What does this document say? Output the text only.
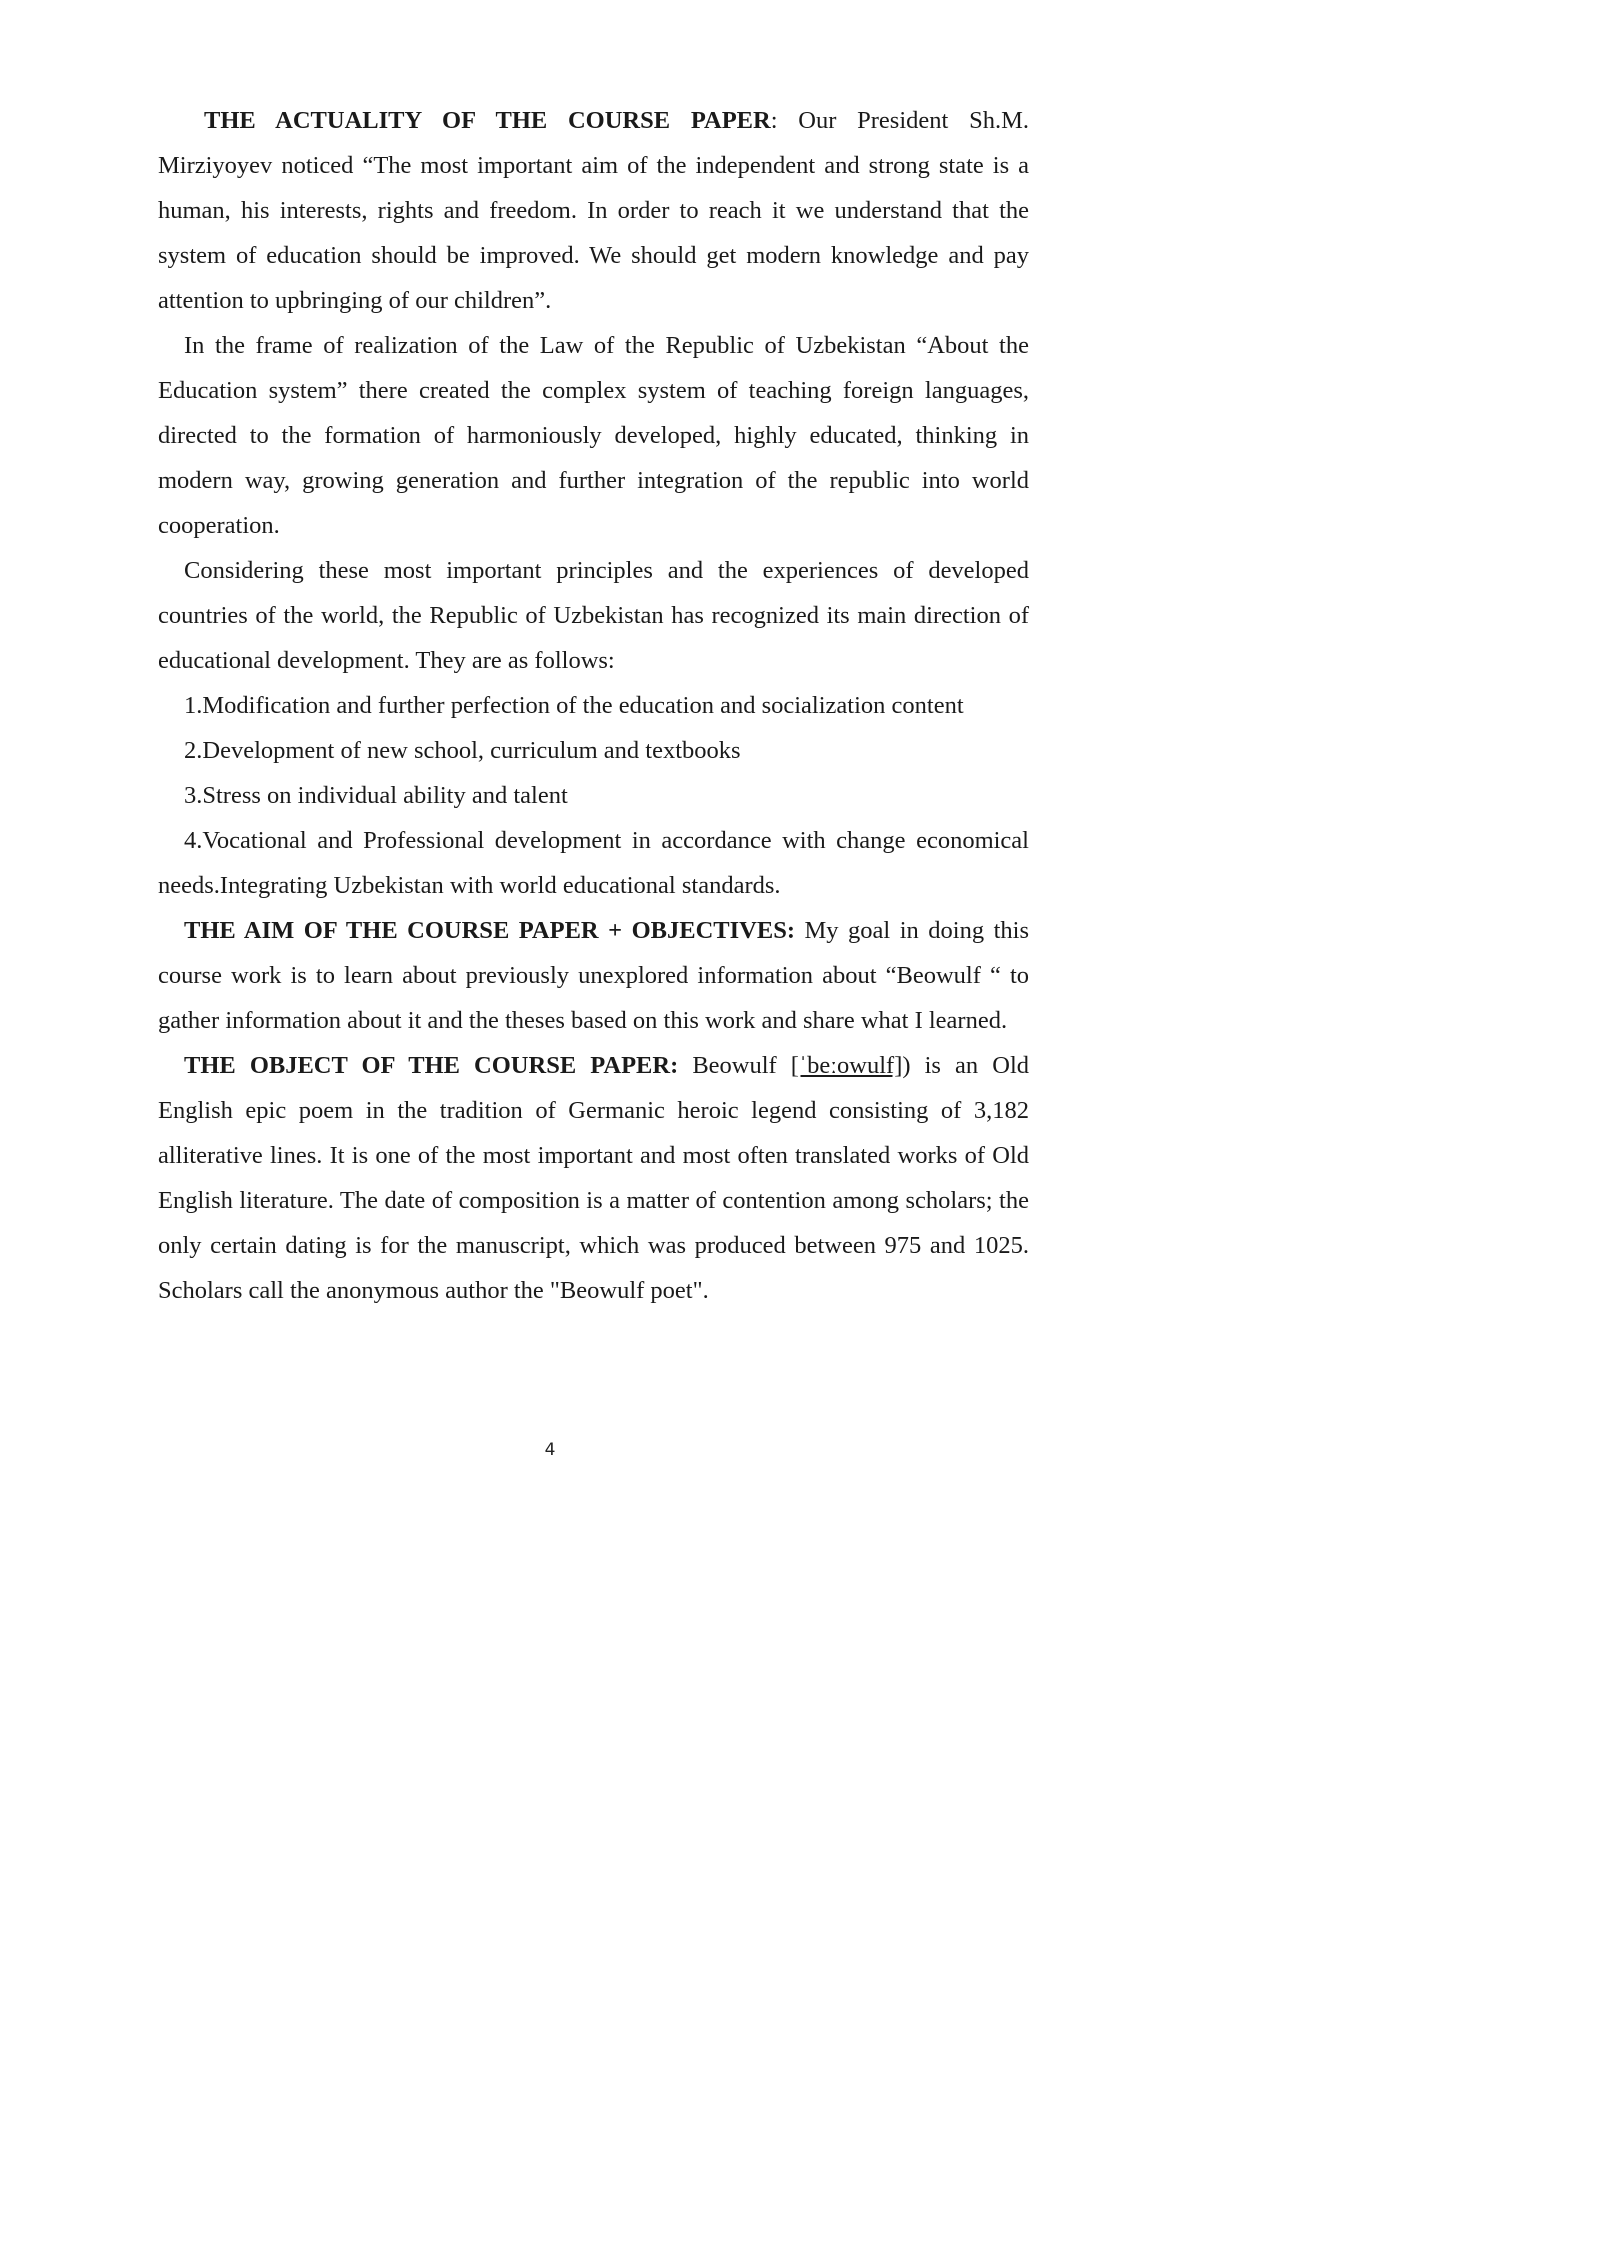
THE ACTUALITY OF THE COURSE PAPER: Our President Sh.M. Mirziyoyev noticed “The most important aim of the independent and strong state is a human, his interests, rights and freedom. In order to reach it we understand that the system of education should be improved. We should get modern knowledge and pay attention to upbringing of our children”.

In the frame of realization of the Law of the Republic of Uzbekistan “About the Education system” there created the complex system of teaching foreign languages, directed to the formation of harmoniously developed, highly educated, thinking in modern way, growing generation and further integration of the republic into world cooperation.

Considering these most important principles and the experiences of developed countries of the world, the Republic of Uzbekistan has recognized its main direction of educational development. They are as follows:

1.Modification and further perfection of the education and socialization content

2.Development of new school, curriculum and textbooks

3.Stress on individual ability and talent

4.Vocational and Professional development in accordance with change economical needs.Integrating Uzbekistan with world educational standards.

THE AIM OF THE COURSE PAPER + OBJECTIVES: My goal in doing this course work is to learn about previously unexplored information about “Beowulf “ to gather information about it and the theses based on this work and share what I learned.

THE OBJECT OF THE COURSE PAPER: Beowulf [ˈbeːowulf]) is an Old English epic poem in the tradition of Germanic heroic legend consisting of 3,182 alliterative lines. It is one of the most important and most often translated works of Old English literature. The date of composition is a matter of contention among scholars; the only certain dating is for the manuscript, which was produced between 975 and 1025. Scholars call the anonymous author the "Beowulf poet".

4
